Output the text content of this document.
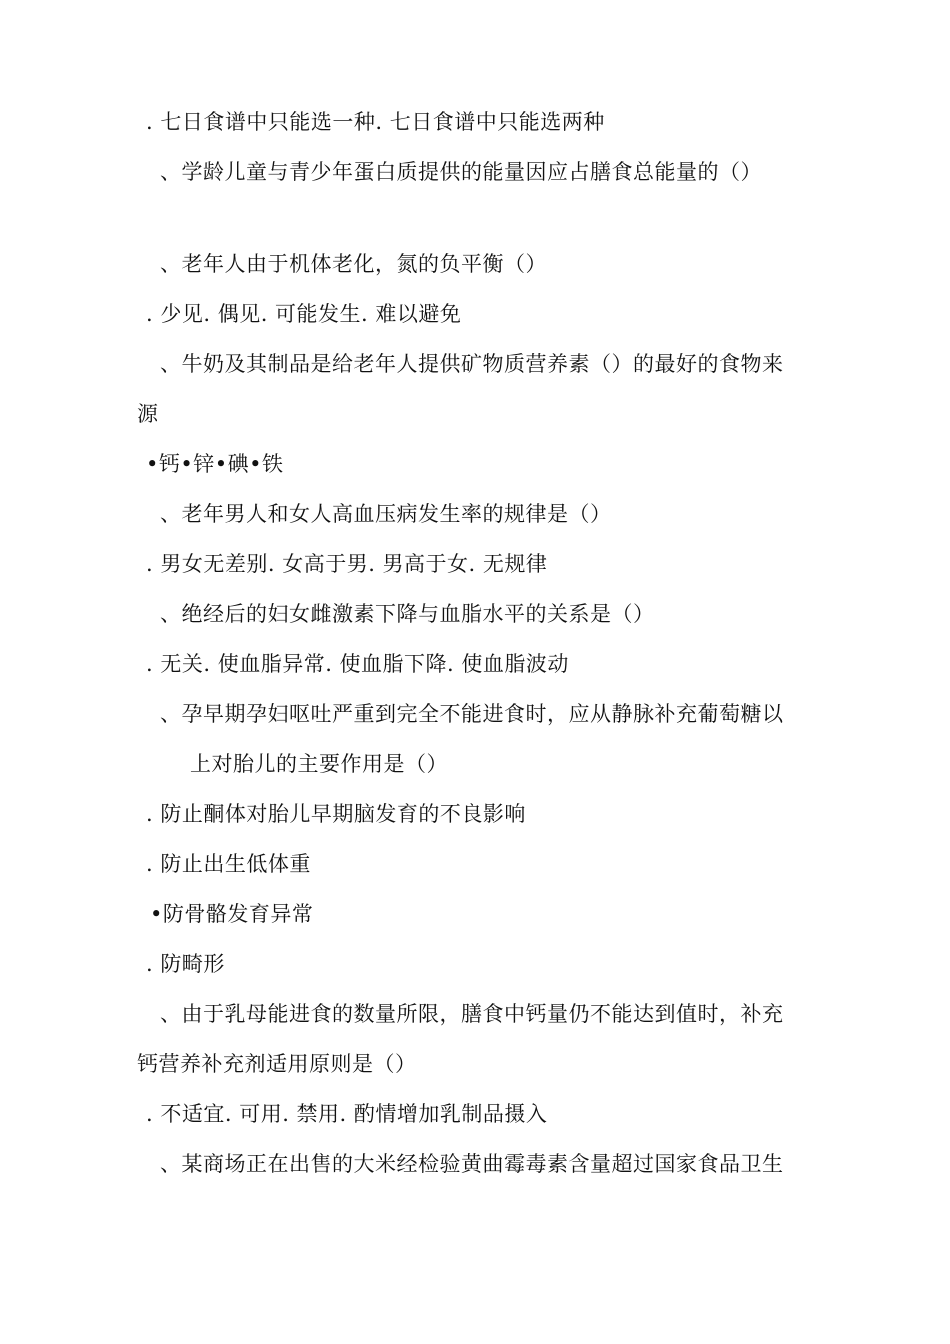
. 七日食谱中只能选一种. 七日食谱中只能选两种
、学龄儿童与青少年蛋白质提供的能量因应占膳食总能量的（）
、老年人由于机体老化，氮的负平衡（）
. 少见. 偶见. 可能发生. 难以避免
、牛奶及其制品是给老年人提供矿物质营养素（）的最好的食物来
源
•钙•锌•碘•铁
、老年男人和女人高血压病发生率的规律是（）
. 男女无差别. 女高于男. 男高于女. 无规律
、绝经后的妇女雌激素下降与血脂水平的关系是（）
. 无关. 使血脂异常. 使血脂下降. 使血脂波动
、孕早期孕妇呕吐严重到完全不能进食时，应从静脉补充葡萄糖以
上对胎儿的主要作用是（）
. 防止酮体对胎儿早期脑发育的不良影响
. 防止出生低体重
•防骨骼发育异常
. 防畸形
、由于乳母能进食的数量所限，膳食中钙量仍不能达到值时，补充
钙营养补充剂适用原则是（）
. 不适宜. 可用. 禁用. 酌情增加乳制品摄入
、某商场正在出售的大米经检验黄曲霉毒素含量超过国家食品卫生
